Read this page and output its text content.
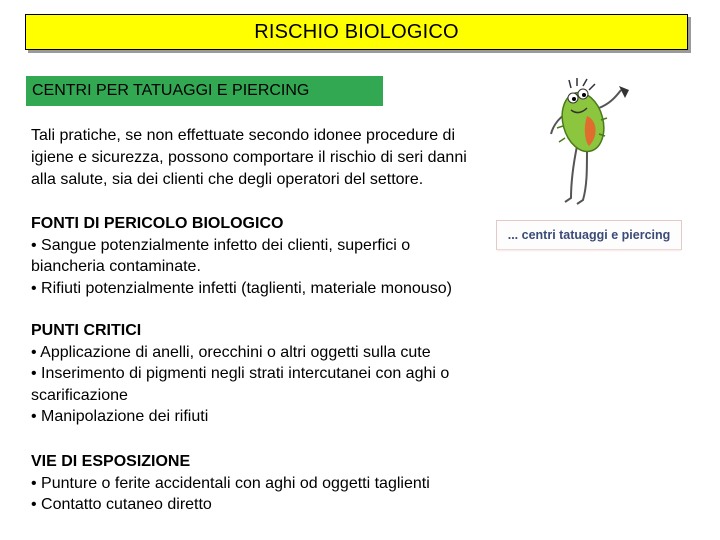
RISCHIO BIOLOGICO
CENTRI PER TATUAGGI E PIERCING
Tali pratiche, se non effettuate secondo idonee procedure di
igiene e sicurezza, possono comportare il rischio di seri danni
alla salute, sia dei clienti che degli operatori del settore.
FONTI DI PERICOLO BIOLOGICO
• Sangue potenzialmente infetto dei clienti, superfici o
biancheria contaminate.
• Rifiuti potenzialmente infetti (taglienti, materiale monouso)
PUNTI CRITICI
• Applicazione di anelli, orecchini o altri oggetti sulla cute
• Inserimento di pigmenti negli strati intercutanei con aghi o
scarificazione
• Manipolazione dei rifiuti
VIE DI ESPOSIZIONE
• Punture o ferite accidentali con aghi od oggetti taglienti
• Contatto cutaneo diretto
... centri tatuaggi e piercing
